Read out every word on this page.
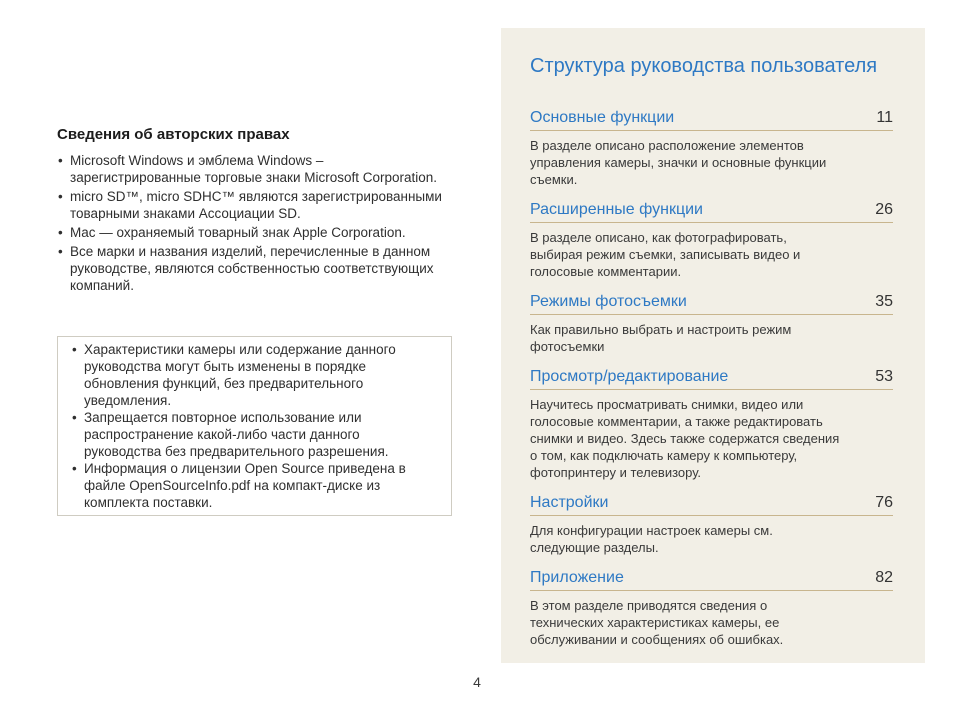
Сведения об авторских правах
• Microsoft Windows и эмблема Windows – зарегистрированные торговые знаки Microsoft Corporation.
• micro SD™, micro SDHC™ являются зарегистрированными товарными знаками Ассоциации SD.
• Mac — охраняемый товарный знак Apple Corporation.
• Все марки и названия изделий, перечисленные в данном руководстве, являются собственностью соответствующих компаний.
• Характеристики камеры или содержание данного руководства могут быть изменены в порядке обновления функций, без предварительного уведомления.
• Запрещается повторное использование или распространение какой-либо части данного руководства без предварительного разрешения.
• Информация о лицензии Open Source приведена в файле OpenSourceInfo.pdf на компакт-диске из комплекта поставки.
Структура руководства пользователя
Основные функции	11

В разделе описано расположение элементов управления камеры, значки и основные функции съемки.

Расширенные функции	26

В разделе описано, как фотографировать, выбирая режим съемки, записывать видео и голосовые комментарии.

Режимы фотосъемки	35

Как правильно выбрать и настроить режим фотосъемки

Просмотр/редактирование	53

Научитесь просматривать снимки, видео или голосовые комментарии, а также редактировать снимки и видео. Здесь также содержатся сведения о том, как подключать камеру к компьютеру, фотопринтеру и телевизору.

Настройки	76

Для конфигурации настроек камеры см. следующие разделы.

Приложение	82

В этом разделе приводятся сведения о технических характеристиках камеры, ее обслуживании и сообщениях об ошибках.

4
